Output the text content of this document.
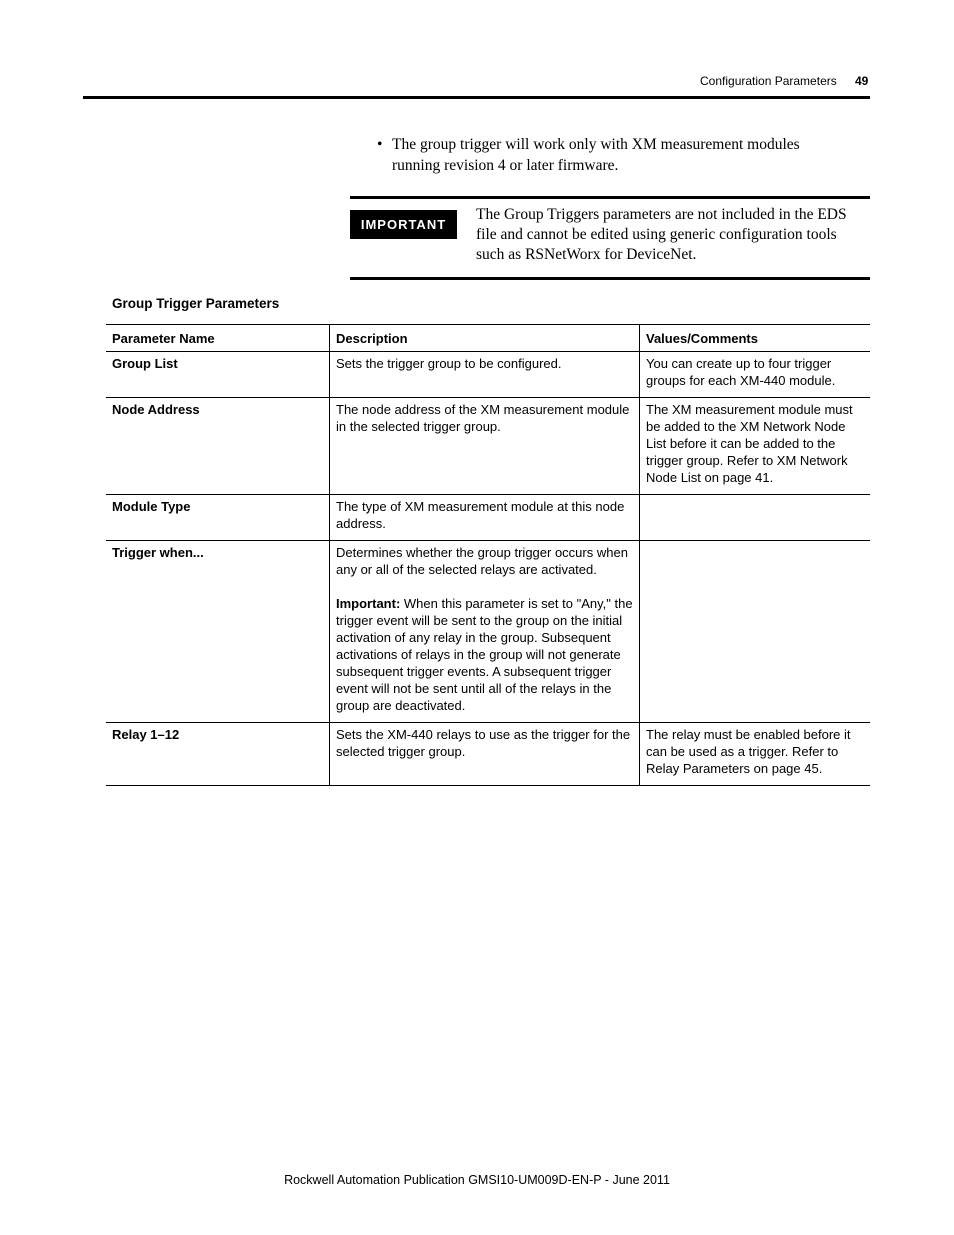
Configuration Parameters 49
• The group trigger will work only with XM measurement modules running revision 4 or later firmware.
IMPORTANT
The Group Triggers parameters are not included in the EDS file and cannot be edited using generic configuration tools such as RSNetWorx for DeviceNet.
Group Trigger Parameters
Parameter Name	Description	Values/Comments
Group List	Sets the trigger group to be configured.	You can create up to four trigger groups for each XM-440 module.
Node Address	The node address of the XM measurement module in the selected trigger group.	The XM measurement module must be added to the XM Network Node List before it can be added to the trigger group. Refer to XM Network Node List on page 41.
Module Type	The type of XM measurement module at this node address.	
Trigger when...	Determines whether the group trigger occurs when any or all of the selected relays are activated.
Important: When this parameter is set to "Any," the trigger event will be sent to the group on the initial activation of any relay in the group. Subsequent activations of relays in the group will not generate subsequent trigger events. A subsequent trigger event will not be sent until all of the relays in the group are deactivated.	

Relay 1–12	Sets the XM-440 relays to use as the trigger for the selected trigger group.	The relay must be enabled before it can be used as a trigger. Refer to Relay Parameters on page 45.
Rockwell Automation Publication GMSI10-UM009D-EN-P - June 2011
